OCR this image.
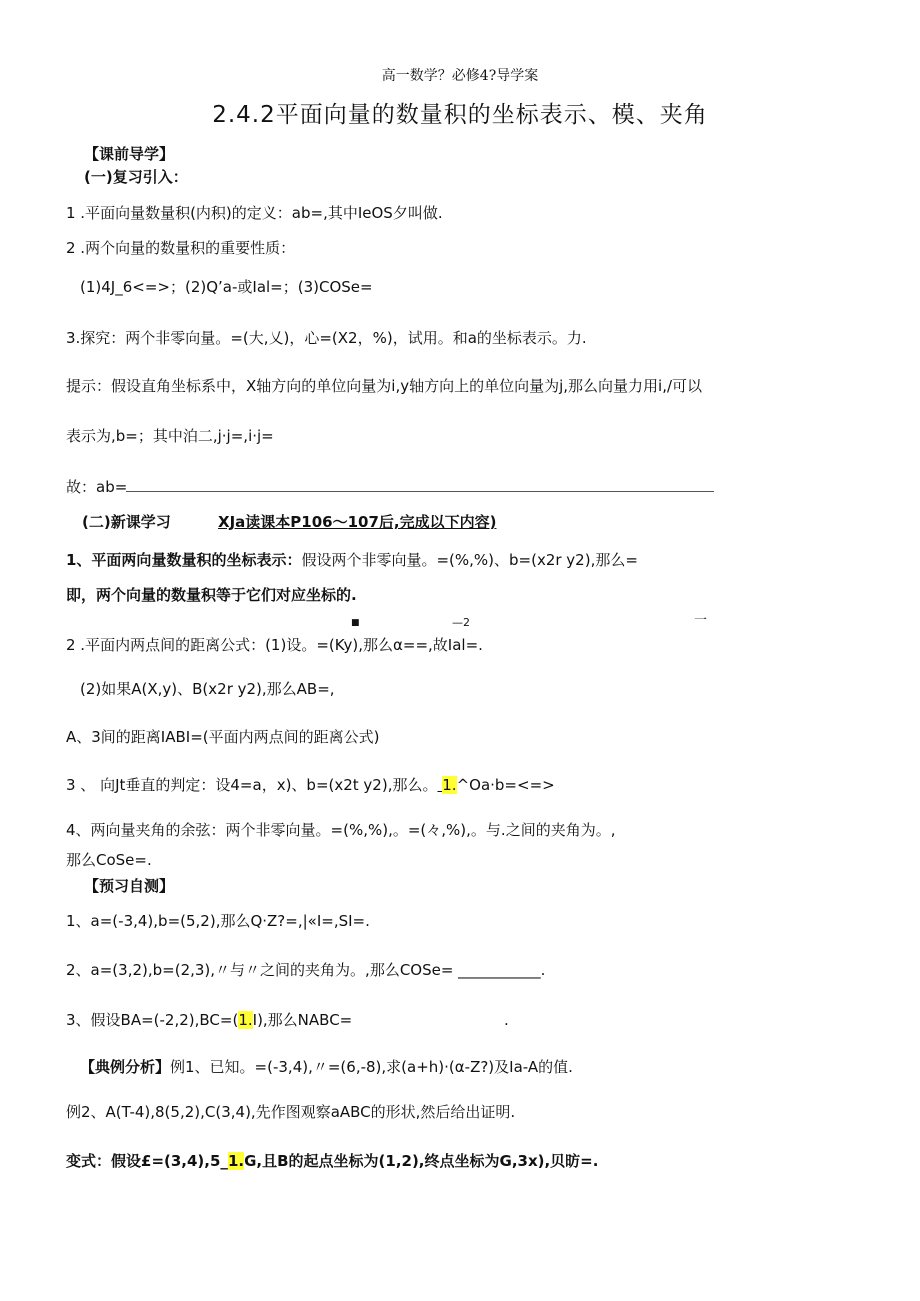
高一数学？必修4?导学案
2.4.2平面向量的数量积的坐标表示、模、夹角
【课前导学】
(一)复习引入：
1 .平面向量数量积(内积)的定义：ab=,其中IeOS夕叫做.
2 .两个向量的数量积的重要性质：
(1)4J_6<=>；(2)Q’a-或Ial=；(3)COSe=
3.探究：两个非零向量。=(大,乂)，心=(X2，%)，试用。和a的坐标表示。力.
提示：假设直角坐标系中，X轴方向的单位向量为i,y轴方向上的单位向量为j,那么向量力用i,/可以
表示为,b=；其中泊二,j·j=,i·j=
故：ab=
(二)新课学习	XJa读课本P106～107后,完成以下内容)
1、平面两向量数量积的坐标表示：假设两个非零向量。=(%,%)、b=(x2r y2),那么=
即，两个向量的数量积等于它们对应坐标的.
■	—2	一
2 .平面内两点间的距离公式：(1)设。=(Ky),那么α==,故Ial=.
(2)如果A(X,y)、B(x2r y2),那么AB=,
A、3间的距离IABI=(平面内两点间的距离公式)
3 、 向Jt垂直的判定：设4=a，x)、b=(x2t y2),那么。 1.^Oa·b=<=>
4、两向量夹角的余弦：两个非零向量。=(%,%),。=(々,%),。与.之间的夹角为。,
那么CoSe=.
【预习自测】
1、a=(-3,4),b=(5,2),那么Q·Z?=,|«I=,SI=.
2、a=(3,2),b=(2,3),〃与〃之间的夹角为。,那么COSe= ___________.
3、假设BA=(-2,2),BC=(1.I),那么NABC=	.
【典例分析】例1、已知。=(-3,4),〃=(6,-8),求(a+h)·(α-Z?)及Ia-A的值.
例2、A(T-4),8(5,2),C(3,4),先作图观察aABC的形状,然后给出证明.
变式：假设£=(3,4),5_1.G,且B的起点坐标为(1,2),终点坐标为G,3x),贝昉=.
